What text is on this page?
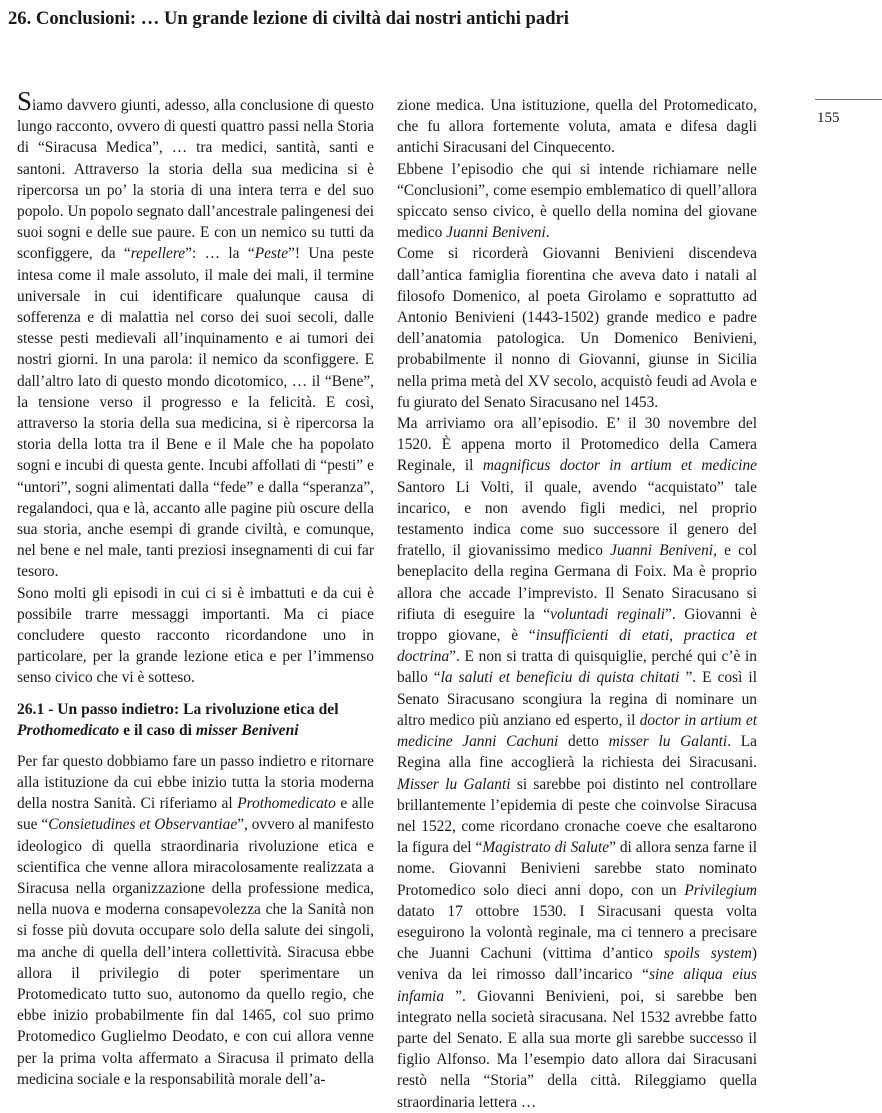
26. Conclusioni: … Un grande lezione di civiltà dai nostri antichi padri
155

Siamo davvero giunti, adesso, alla conclusione di questo lungo racconto, ovvero di questi quattro passi nella Storia di “Siracusa Medica”, … tra medici, santità, santi e santoni. Attraverso la storia della sua medicina si è ripercorsa un po’ la storia di una intera terra e del suo popolo. Un popolo segnato dall’ancestrale palingenesi dei suoi sogni e delle sue paure. E con un nemico su tutti da sconfiggere, da “repellere”: … la “Peste”! Una peste intesa come il male assoluto, il male dei mali, il termine universale in cui identificare qualunque causa di sofferenza e di malattia nel corso dei suoi secoli, dalle stesse pesti medievali all’inquinamento e ai tumori dei nostri giorni. In una parola: il nemico da sconfiggere. E dall’altro lato di questo mondo dicotomico, … il “Bene”, la tensione verso il progresso e la felicità. E così, attraverso la storia della sua medicina, si è ripercorsa la storia della lotta tra il Bene e il Male che ha popolato sogni e incubi di questa gente. Incubi affollati di “pesti” e “untori”, sogni alimentati dalla “fede” e dalla “speranza”, regalandoci, qua e là, accanto alle pagine più oscure della sua storia, anche esempi di grande civiltà, e comunque, nel bene e nel male, tanti preziosi insegnamenti di cui far tesoro.

Sono molti gli episodi in cui ci si è imbattuti e da cui è possibile trarre messaggi importanti. Ma ci piace concludere questo racconto ricordandone uno in particolare, per la grande lezione etica e per l’immenso senso civico che vi è sotteso.

26.1 - Un passo indietro: La rivoluzione etica del Prothomedicato e il caso di misser Beniveni

Per far questo dobbiamo fare un passo indietro e ritornare alla istituzione da cui ebbe inizio tutta la storia moderna della nostra Sanità. Ci riferiamo al Prothomedicato e alle sue “Consietudines et Observantiae”, ovvero al manifesto ideologico di quella straordinaria rivoluzione etica e scientifica che venne allora miracolosamente realizzata a Siracusa nella organizzazione della professione medica, nella nuova e moderna consapevolezza che la Sanità non si fosse più dovuta occupare solo della salute dei singoli, ma anche di quella dell’intera collettività. Siracusa ebbe allora il privilegio di poter sperimentare un Protomedicato tutto suo, autonomo da quello regio, che ebbe inizio probabilmente fin dal 1465, col suo primo Protomedico Guglielmo Deodato, e con cui allora venne per la prima volta affermato a Siracusa il primato della medicina sociale e la responsabilità morale dell’a-

zione medica. Una istituzione, quella del Protomedicato, che fu allora fortemente voluta, amata e difesa dagli antichi Siracusani del Cinquecento.

Ebbene l’episodio che qui si intende richiamare nelle “Conclusioni”, come esempio emblematico di quell’allora spiccato senso civico, è quello della nomina del giovane medico Juanni Beniveni.

Come si ricorderà Giovanni Benivieni discendeva dall’antica famiglia fiorentina che aveva dato i natali al filosofo Domenico, al poeta Girolamo e soprattutto ad Antonio Benivieni (1443-1502) grande medico e padre dell’anatomia patologica. Un Domenico Benivieni, probabilmente il nonno di Giovanni, giunse in Sicilia nella prima metà del XV secolo, acquistò feudi ad Avola e fu giurato del Senato Siracusano nel 1453.

Ma arriviamo ora all’episodio. E’ il 30 novembre del 1520. È appena morto il Protomedico della Camera Reginale, il magnificus doctor in artium et medicine Santoro Li Volti, il quale, avendo “acquistato” tale incarico, e non avendo figli medici, nel proprio testamento indica come suo successore il genero del fratello, il giovanissimo medico Juanni Beniveni, e col beneplacito della regina Germana di Foix. Ma è proprio allora che accade l’imprevisto. Il Senato Siracusano si rifiuta di eseguire la “voluntadi reginali”. Giovanni è troppo giovane, è “insufficienti di etati, practica et doctrina”. E non si tratta di quisquiglie, perché qui c’è in ballo “la saluti et beneficiu di quista chitati ”. E così il Senato Siracusano scongiura la regina di nominare un altro medico più anziano ed esperto, il doctor in artium et medicine Janni Cachuni detto misser lu Galanti. La Regina alla fine accoglierà la richiesta dei Siracusani. Misser lu Galanti si sarebbe poi distinto nel controllare brillantemente l’epidemia di peste che coinvolse Siracusa nel 1522, come ricordano cronache coeve che esaltarono la figura del “Magistrato di Salute” di allora senza farne il nome. Giovanni Benivieni sarebbe stato nominato Protomedico solo dieci anni dopo, con un Privilegium datato 17 ottobre 1530. I Siracusani questa volta eseguirono la volontà reginale, ma ci tennero a precisare che Juanni Cachuni (vittima d’antico spoils system) veniva da lei rimosso dall’incarico “sine aliqua eius infamia ”. Giovanni Benivieni, poi, si sarebbe ben integrato nella società siracusana. Nel 1532 avrebbe fatto parte del Senato. E alla sua morte gli sarebbe successo il figlio Alfonso. Ma l’esempio dato allora dai Siracusani restò nella “Storia” della città. Rileggiamo quella straordinaria lettera …
